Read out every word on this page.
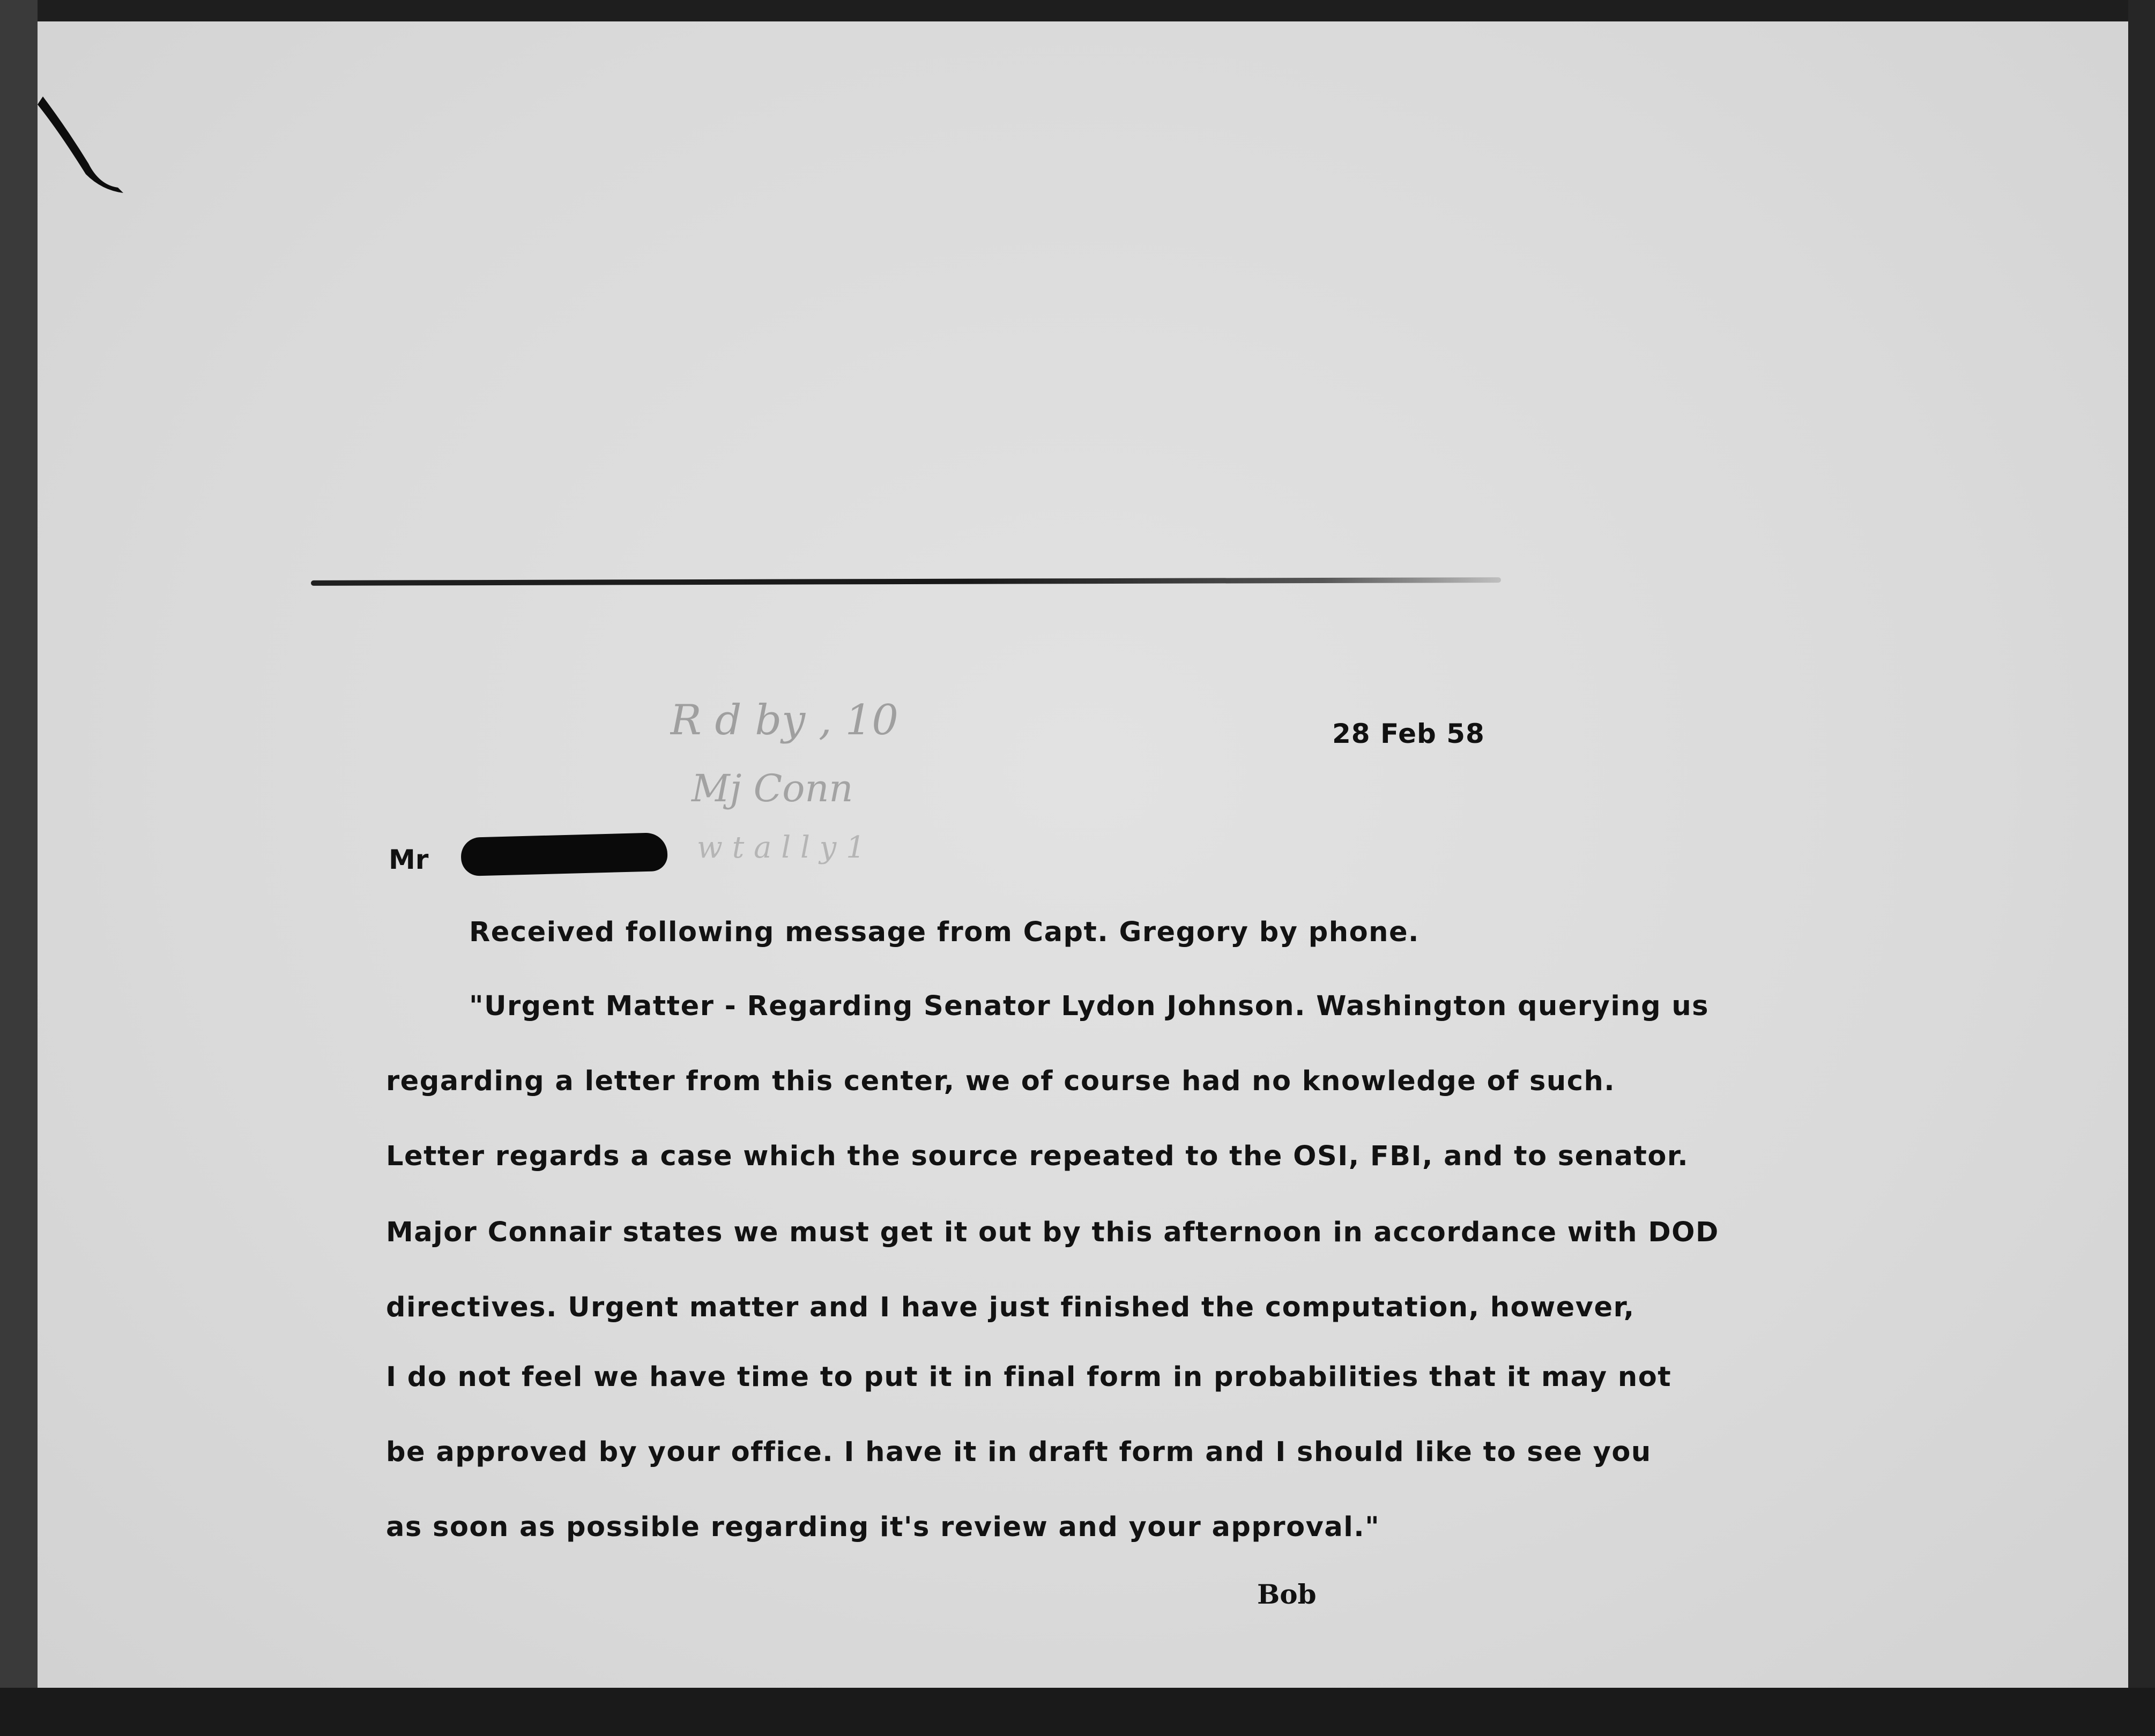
R d by , 10
Mj Conn
w t a l l y 1
28 Feb 58
Mr
Received following message from Capt. Gregory by phone.
"Urgent Matter - Regarding Senator Lydon Johnson. Washington querying us
regarding a letter from this center, we of course had no knowledge of such.
Letter regards a case which the source repeated to the OSI, FBI, and to senator.
Major Connair states we must get it out by this afternoon in accordance with DOD
directives. Urgent matter and I have just finished the computation, however,
I do not feel we have time to put it in final form in probabilities that it may not
be approved by your office. I have it in draft form and I should like to see you
as soon as possible regarding it's review and your approval."
Bob
